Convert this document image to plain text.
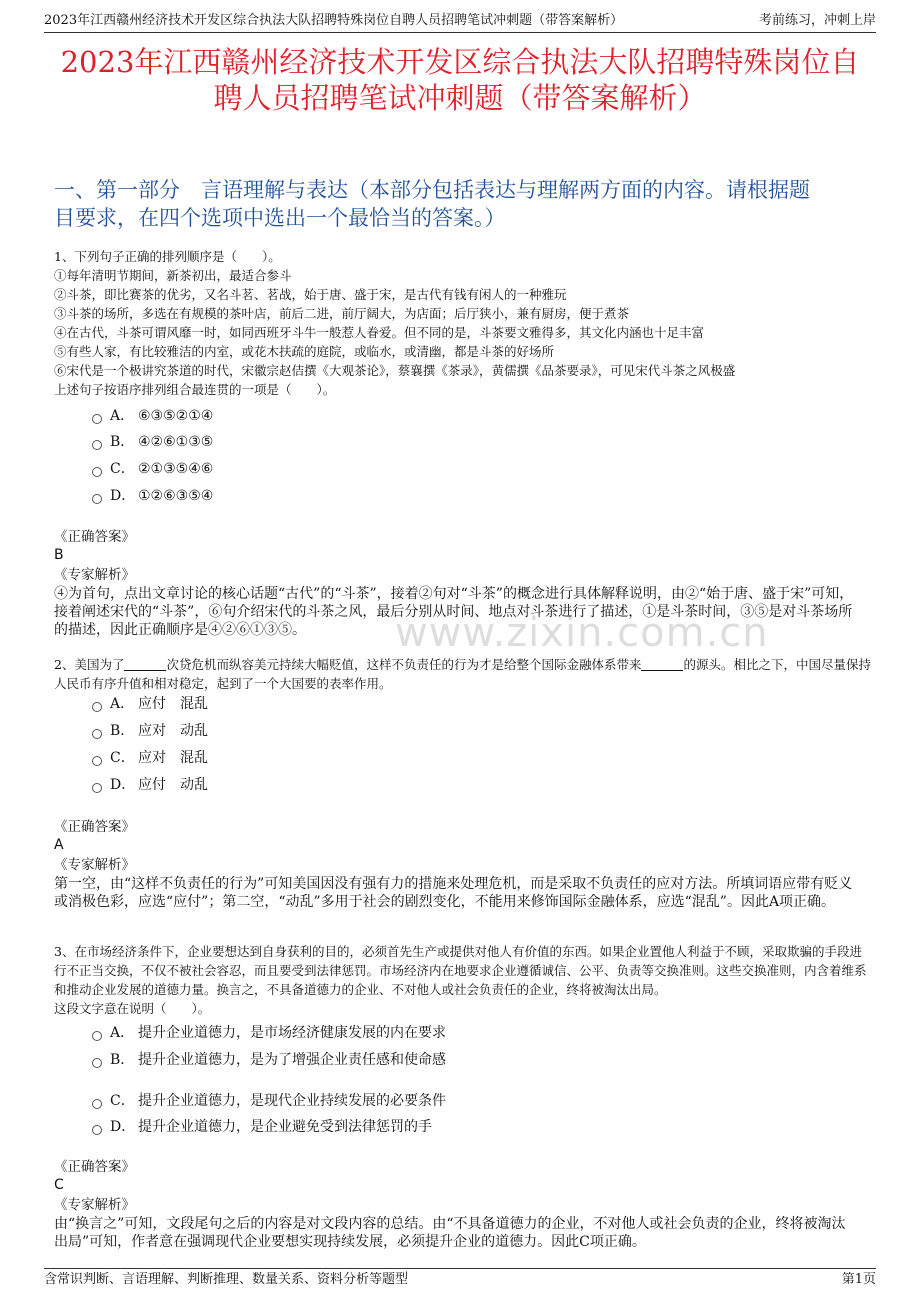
2023年江西赣州经济技术开发区综合执法大队招聘特殊岗位自聘人员招聘笔试冲刺题（带答案解析）	考前练习，冲刺上岸
2023年江西赣州经济技术开发区综合执法大队招聘特殊岗位自
聘人员招聘笔试冲刺题（带答案解析）
一、第一部分　言语理解与表达（本部分包括表达与理解两方面的内容。请根据题
目要求，在四个选项中选出一个最恰当的答案。）
www.zixin.com.cn
1、下列句子正确的排列顺序是（　　）。
①每年清明节期间，新茶初出，最适合参斗
②斗茶，即比赛茶的优劣，又名斗茗、茗战，始于唐、盛于宋，是古代有钱有闲人的一种雅玩
③斗茶的场所，多选在有规模的茶叶店，前后二进，前厅阔大，为店面；后厅狭小，兼有厨房，便于煮茶
④在古代，斗茶可谓风靡一时，如同西班牙斗牛一般惹人眷爱。但不同的是，斗茶要文雅得多，其文化内涵也十足丰富
⑤有些人家，有比较雅洁的内室，或花木扶疏的庭院，或临水，或清幽，都是斗茶的好场所
⑥宋代是一个极讲究茶道的时代，宋徽宗赵佶撰《大观茶论》，蔡襄撰《茶录》，黄儒撰《品茶要录》，可见宋代斗茶之风极盛
上述句子按语序排列组合最连贯的一项是（　　）。
A． ⑥③⑤②①④
B． ④②⑥①③⑤
C． ②①③⑤④⑥
D． ①②⑥③⑤④
《正确答案》
B
《专家解析》
④为首句，点出文章讨论的核心话题“古代”的“斗茶”，接着②句对“斗茶”的概念进行具体解释说明，由②“始于唐、盛于宋”可知，接着阐述宋代的“斗茶”，⑥句介绍宋代的斗茶之风，最后分别从时间、地点对斗茶进行了描述，①是斗茶时间，③⑤是对斗茶场所的描述，因此正确顺序是④②⑥①③⑤。
2、美国为了	次贷危机而纵容美元持续大幅贬值，这样不负责任的行为才是给整个国际金融体系带来	的源头。相比之下，中国尽量保持人民币有序升值和相对稳定，起到了一个大国要的表率作用。
A． 应付　混乱
B． 应对　动乱
C． 应对　混乱
D． 应付　动乱
《正确答案》
A
《专家解析》
第一空，由“这样不负责任的行为”可知美国因没有强有力的措施来处理危机，而是采取不负责任的应对方法。所填词语应带有贬义或消极色彩，应选“应付”；第二空，“动乱”多用于社会的剧烈变化，不能用来修饰国际金融体系，应选“混乱”。因此A项正确。
3、在市场经济条件下，企业要想达到自身获利的目的，必须首先生产或提供对他人有价值的东西。如果企业置他人利益于不顾，采取欺骗的手段进行不正当交换，不仅不被社会容忍，而且要受到法律惩罚。市场经济内在地要求企业遵循诚信、公平、负责等交换准则。这些交换准则，内含着维系和推动企业发展的道德力量。换言之，不具备道德力的企业、不对他人或社会负责任的企业，终将被淘汰出局。
这段文字意在说明（　　）。
A． 提升企业道德力，是市场经济健康发展的内在要求
B． 提升企业道德力，是为了增强企业责任感和使命感
C． 提升企业道德力，是现代企业持续发展的必要条件
D． 提升企业道德力，是企业避免受到法律惩罚的手
《正确答案》
C
《专家解析》
由“换言之”可知，文段尾句之后的内容是对文段内容的总结。由“不具备道德力的企业，不对他人或社会负责的企业，终将被淘汰出局”可知，作者意在强调现代企业要想实现持续发展，必须提升企业的道德力。因此C项正确。
含常识判断、言语理解、判断推理、数量关系、资料分析等题型	第1页
